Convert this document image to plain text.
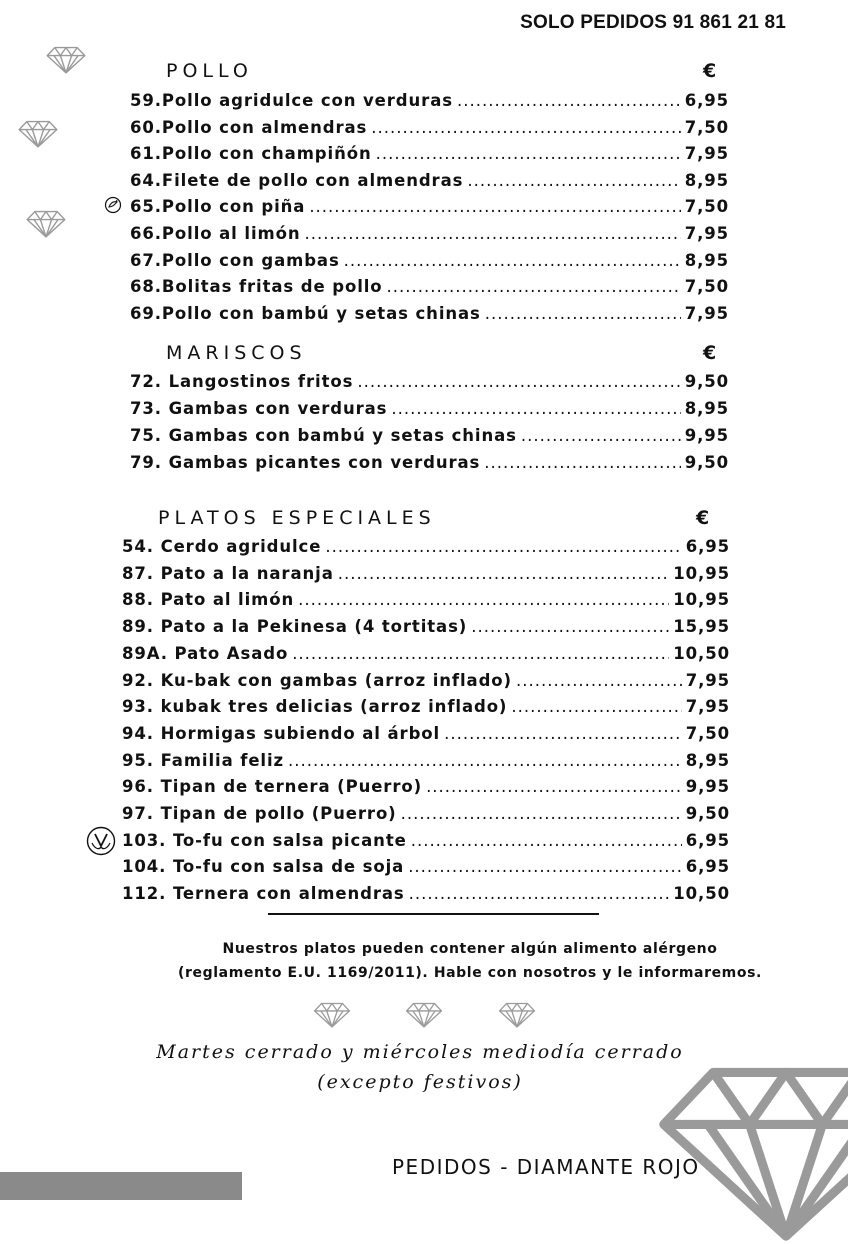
SOLO PEDIDOS 91 861 21 81
POLLO	€
59.Pollo agridulce con verduras .....	6,95
60.Pollo con almendras .....	7,50
61.Pollo con champiñón .....	7,95
64.Filete de pollo con almendras .....	8,95
65.Pollo con piña .....	7,50
66.Pollo al limón .....	7,95
67.Pollo con gambas .....	8,95
68.Bolitas fritas de pollo .....	7,50
69.Pollo con bambú y setas chinas .....	7,95
MARISCOS	€
72. Langostinos fritos .....	9,50
73. Gambas con verduras .....	8,95
75. Gambas con bambú y setas chinas .....	9,95
79. Gambas picantes con verduras .....	9,50
PLATOS ESPECIALES	€
54. Cerdo agridulce .....	6,95
87. Pato a la naranja .....	10,95
88. Pato al limón .....	10,95
89. Pato a la Pekinesa (4 tortitas) .....	15,95
89A. Pato Asado .....	10,50
92. Ku-bak con gambas (arroz inflado) .....	7,95
93. kubak tres delicias (arroz inflado) .....	7,95
94. Hormigas subiendo al árbol .....	7,50
95. Familia feliz .....	8,95
96. Tipan de ternera (Puerro) .....	9,95
97. Tipan de pollo (Puerro) .....	9,50
103. To-fu con salsa picante .....	6,95
104. To-fu con salsa de soja .....	6,95
112. Ternera con almendras .....	10,50
Nuestros platos pueden contener algún alimento alérgeno
(reglamento E.U. 1169/2011). Hable con nosotros y le informaremos.
Martes cerrado y miércoles mediodía cerrado
(excepto festivos)
PEDIDOS - DIAMANTE ROJO
